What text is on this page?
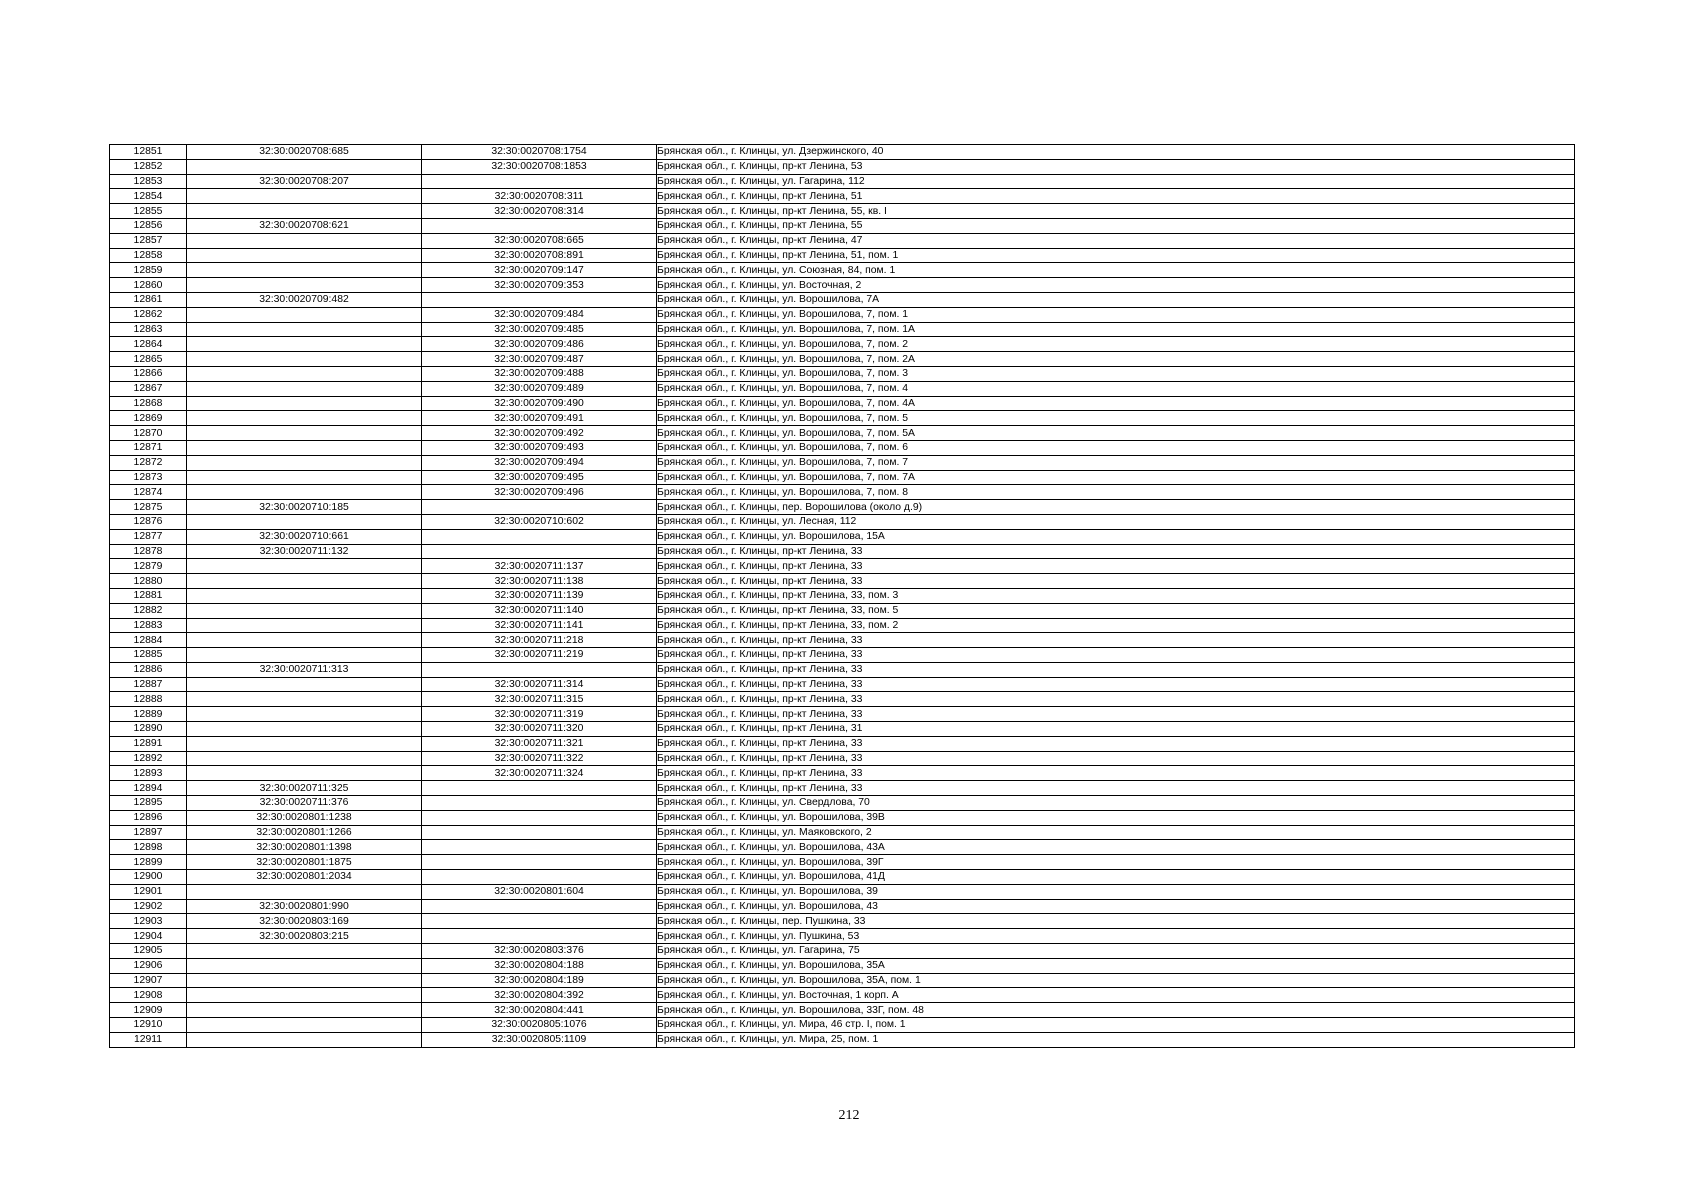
12851	32:30:0020708:685	32:30:0020708:1754	Брянская обл., г. Клинцы, ул. Дзержинского, 40
12852		32:30:0020708:1853	Брянская обл., г. Клинцы, пр-кт Ленина, 53
12853	32:30:0020708:207		Брянская обл., г. Клинцы, ул. Гагарина, 112
12854		32:30:0020708:311	Брянская обл., г. Клинцы, пр-кт Ленина, 51
12855		32:30:0020708:314	Брянская обл., г. Клинцы, пр-кт Ленина, 55, кв. I
12856	32:30:0020708:621		Брянская обл., г. Клинцы, пр-кт Ленина, 55
12857		32:30:0020708:665	Брянская обл., г. Клинцы, пр-кт Ленина, 47
12858		32:30:0020708:891	Брянская обл., г. Клинцы, пр-кт Ленина, 51, пом. 1
12859		32:30:0020709:147	Брянская обл., г. Клинцы, ул. Союзная, 84, пом. 1
12860		32:30:0020709:353	Брянская обл., г. Клинцы, ул. Восточная, 2
12861	32:30:0020709:482		Брянская обл., г. Клинцы, ул. Ворошилова, 7А
12862		32:30:0020709:484	Брянская обл., г. Клинцы, ул. Ворошилова, 7, пом. 1
12863		32:30:0020709:485	Брянская обл., г. Клинцы, ул. Ворошилова, 7, пом. 1А
12864		32:30:0020709:486	Брянская обл., г. Клинцы, ул. Ворошилова, 7, пом. 2
12865		32:30:0020709:487	Брянская обл., г. Клинцы, ул. Ворошилова, 7, пом. 2А
12866		32:30:0020709:488	Брянская обл., г. Клинцы, ул. Ворошилова, 7, пом. 3
12867		32:30:0020709:489	Брянская обл., г. Клинцы, ул. Ворошилова, 7, пом. 4
12868		32:30:0020709:490	Брянская обл., г. Клинцы, ул. Ворошилова, 7, пом. 4А
12869		32:30:0020709:491	Брянская обл., г. Клинцы, ул. Ворошилова, 7, пом. 5
12870		32:30:0020709:492	Брянская обл., г. Клинцы, ул. Ворошилова, 7, пом. 5А
12871		32:30:0020709:493	Брянская обл., г. Клинцы, ул. Ворошилова, 7, пом. 6
12872		32:30:0020709:494	Брянская обл., г. Клинцы, ул. Ворошилова, 7, пом. 7
12873		32:30:0020709:495	Брянская обл., г. Клинцы, ул. Ворошилова, 7, пом. 7А
12874		32:30:0020709:496	Брянская обл., г. Клинцы, ул. Ворошилова, 7, пом. 8
12875	32:30:0020710:185		Брянская обл., г. Клинцы, пер. Ворошилова (около д.9)
12876		32:30:0020710:602	Брянская обл., г. Клинцы, ул. Лесная, 112
12877	32:30:0020710:661		Брянская обл., г. Клинцы, ул. Ворошилова, 15А
12878	32:30:0020711:132		Брянская обл., г. Клинцы, пр-кт Ленина, 33
12879		32:30:0020711:137	Брянская обл., г. Клинцы, пр-кт Ленина, 33
12880		32:30:0020711:138	Брянская обл., г. Клинцы, пр-кт Ленина, 33
12881		32:30:0020711:139	Брянская обл., г. Клинцы, пр-кт Ленина, 33, пом. 3
12882		32:30:0020711:140	Брянская обл., г. Клинцы, пр-кт Ленина, 33, пом. 5
12883		32:30:0020711:141	Брянская обл., г. Клинцы, пр-кт Ленина, 33, пом. 2
12884		32:30:0020711:218	Брянская обл., г. Клинцы, пр-кт Ленина, 33
12885		32:30:0020711:219	Брянская обл., г. Клинцы, пр-кт Ленина, 33
12886	32:30:0020711:313		Брянская обл., г. Клинцы, пр-кт Ленина, 33
12887		32:30:0020711:314	Брянская обл., г. Клинцы, пр-кт Ленина, 33
12888		32:30:0020711:315	Брянская обл., г. Клинцы, пр-кт Ленина, 33
12889		32:30:0020711:319	Брянская обл., г. Клинцы, пр-кт Ленина, 33
12890		32:30:0020711:320	Брянская обл., г. Клинцы, пр-кт Ленина, 31
12891		32:30:0020711:321	Брянская обл., г. Клинцы, пр-кт Ленина, 33
12892		32:30:0020711:322	Брянская обл., г. Клинцы, пр-кт Ленина, 33
12893		32:30:0020711:324	Брянская обл., г. Клинцы, пр-кт Ленина, 33
12894	32:30:0020711:325		Брянская обл., г. Клинцы, пр-кт Ленина, 33
12895	32:30:0020711:376		Брянская обл., г. Клинцы, ул. Свердлова, 70
12896	32:30:0020801:1238		Брянская обл., г. Клинцы, ул. Ворошилова, 39В
12897	32:30:0020801:1266		Брянская обл., г. Клинцы, ул. Маяковского, 2
12898	32:30:0020801:1398		Брянская обл., г. Клинцы, ул. Ворошилова, 43А
12899	32:30:0020801:1875		Брянская обл., г. Клинцы, ул. Ворошилова, 39Г
12900	32:30:0020801:2034		Брянская обл., г. Клинцы, ул. Ворошилова, 41Д
12901		32:30:0020801:604	Брянская обл., г. Клинцы, ул. Ворошилова, 39
12902	32:30:0020801:990		Брянская обл., г. Клинцы, ул. Ворошилова, 43
12903	32:30:0020803:169		Брянская обл., г. Клинцы, пер. Пушкина, 33
12904	32:30:0020803:215		Брянская обл., г. Клинцы, ул. Пушкина, 53
12905		32:30:0020803:376	Брянская обл., г. Клинцы, ул. Гагарина, 75
12906		32:30:0020804:188	Брянская обл., г. Клинцы, ул. Ворошилова, 35А
12907		32:30:0020804:189	Брянская обл., г. Клинцы, ул. Ворошилова, 35А, пом. 1
12908		32:30:0020804:392	Брянская обл., г. Клинцы, ул. Восточная, 1 корп. А
12909		32:30:0020804:441	Брянская обл., г. Клинцы, ул. Ворошилова, 33Г, пом. 48
12910		32:30:0020805:1076	Брянская обл., г. Клинцы, ул. Мира, 46 стр. I, пом. 1
12911		32:30:0020805:1109	Брянская обл., г. Клинцы, ул. Мира, 25, пом. 1
212
